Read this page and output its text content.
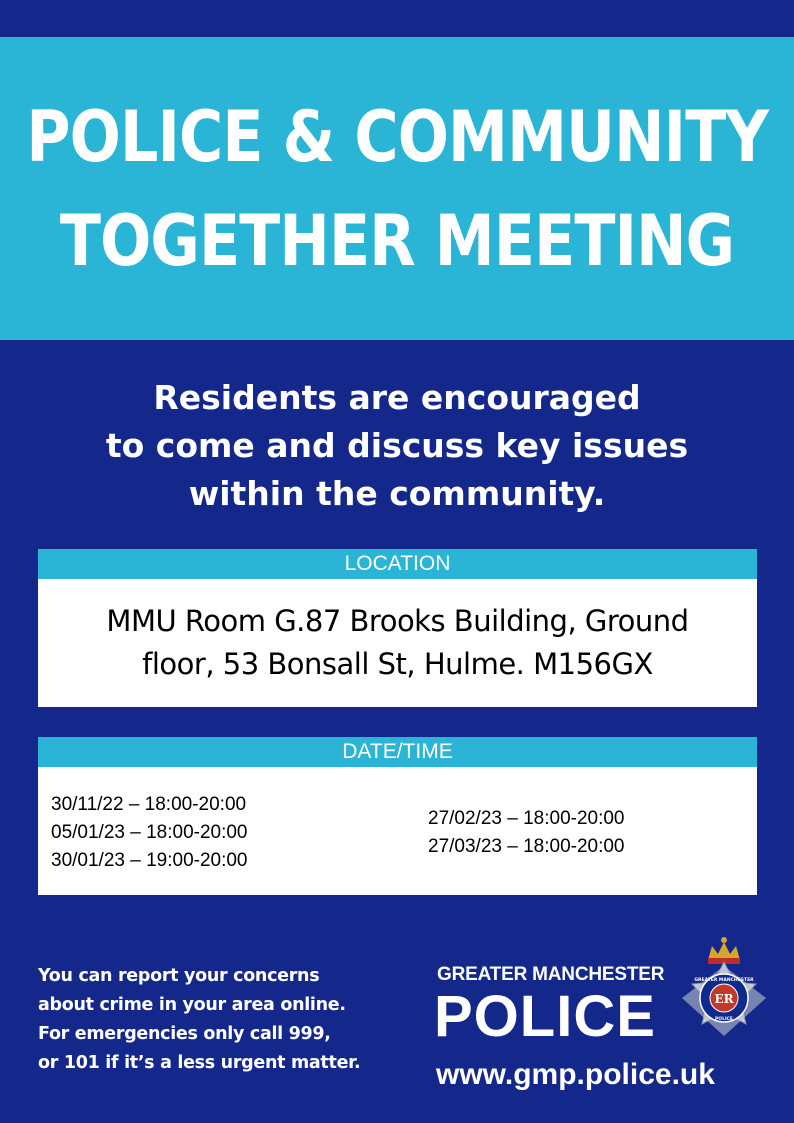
POLICE & COMMUNITY
TOGETHER MEETING
Residents are encouraged
to come and discuss key issues
within the community.
LOCATION
MMU Room G.87 Brooks Building, Ground
floor, 53 Bonsall St, Hulme. M156GX
DATE/TIME
30/11/22 – 18:00-20:00
05/01/23 – 18:00-20:00
30/01/23 – 19:00-20:00
27/02/23 – 18:00-20:00
27/03/23 – 18:00-20:00
You can report your concerns
about crime in your area online.
For emergencies only call 999,
or 101 if it’s a less urgent matter.
GREATER MANCHESTER
POLICE
www.gmp.police.uk
ER
GREATER MANCHESTER
POLICE
